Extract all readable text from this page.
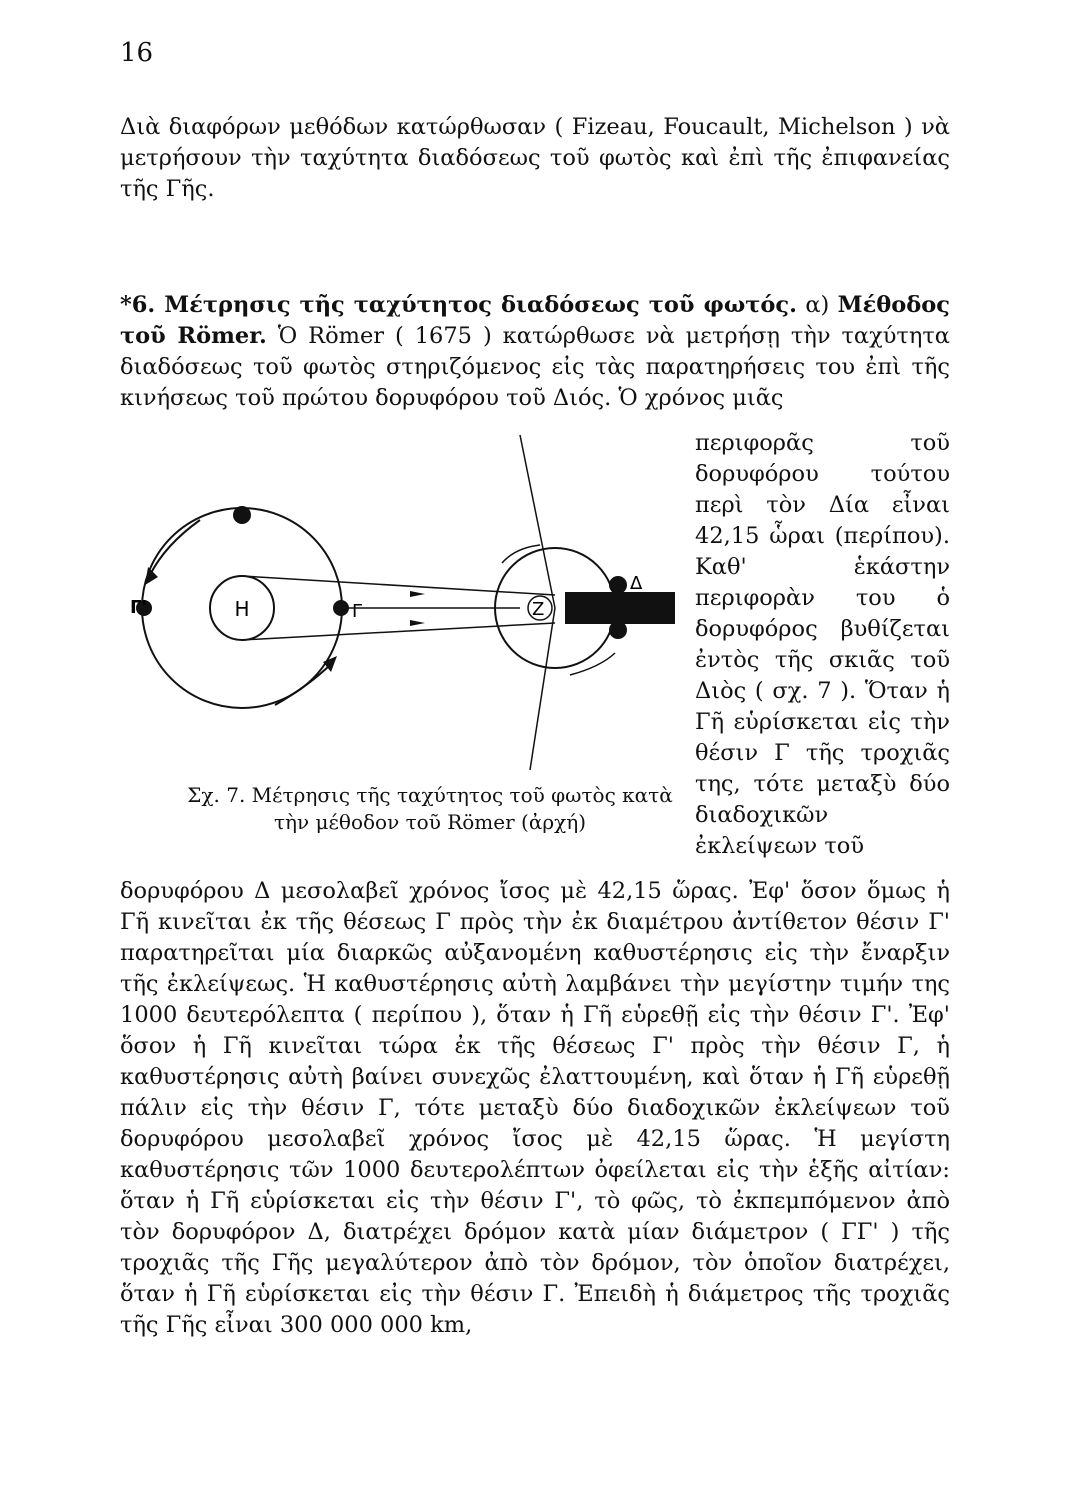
16

Διὰ διαφόρων μεθόδων κατώρθωσαν ( Fizeau, Foucault, Michelson ) νὰ μετρήσουν τὴν ταχύτητα διαδόσεως τοῦ φωτὸς καὶ ἐπὶ τῆς ἐπιφανείας τῆς Γῆς.

*6. Μέτρησις τῆς ταχύτητος διαδόσεως τοῦ φωτός. α) Μέθοδος τοῦ Römer. Ὁ Römer ( 1675 ) κατώρθωσε νὰ μετρήσῃ τὴν ταχύτητα διαδόσεως τοῦ φωτὸς στηριζόμενος εἰς τὰς παρατηρήσεις του ἐπὶ τῆς κινήσεως τοῦ πρώτου δορυφόρου τοῦ Διός. Ὁ χρόνος μιᾶς

περιφορᾶς τοῦ δορυφόρου τούτου περὶ τὸν Δία εἶναι 42,15 ὧραι (περίπου). Καθ' ἑκάστην περιφορὰν του ὁ δορυφόρος βυθίζεται ἐντὸς τῆς σκιᾶς τοῦ Διὸς ( σχ. 7 ). Ὅταν ἡ Γῆ εὑρίσκεται εἰς τὴν θέσιν Γ τῆς τροχιᾶς της, τότε μεταξὺ δύο διαδοχικῶν ἐκλείψεων τοῦ

Η
Γ'	Γ	Ζ
Δ

Σχ. 7. Μέτρησις τῆς ταχύτητος τοῦ φωτὸς κατὰ τὴν μέθοδον τοῦ Römer (ἀρχή)

δορυφόρου Δ μεσολαβεῖ χρόνος ἴσος μὲ 42,15 ὥρας. Ἐφ' ὅσον ὅμως ἡ Γῆ κινεῖται ἐκ τῆς θέσεως Γ πρὸς τὴν ἐκ διαμέτρου ἀντίθετον θέσιν Γ' παρατηρεῖται μία διαρκῶς αὐξανομένη καθυστέρησις εἰς τὴν ἔναρξιν τῆς ἐκλείψεως. Ἡ καθυστέρησις αὐτὴ λαμβάνει τὴν μεγίστην τιμήν της 1000 δευτερόλεπτα ( περίπου ), ὅταν ἡ Γῆ εὑρεθῇ εἰς τὴν θέσιν Γ'. Ἐφ' ὅσον ἡ Γῆ κινεῖται τώρα ἐκ τῆς θέσεως Γ' πρὸς τὴν θέσιν Γ, ἡ καθυστέρησις αὐτὴ βαίνει συνεχῶς ἐλαττουμένη, καὶ ὅταν ἡ Γῆ εὑρεθῇ πάλιν εἰς τὴν θέσιν Γ, τότε μεταξὺ δύο διαδοχικῶν ἐκλείψεων τοῦ δορυφόρου μεσολαβεῖ χρόνος ἴσος μὲ 42,15 ὥρας. Ἡ μεγίστη καθυστέρησις τῶν 1000 δευτερολέπτων ὀφείλεται εἰς τὴν ἑξῆς αἰτίαν: ὅταν ἡ Γῆ εὑρίσκεται εἰς τὴν θέσιν Γ', τὸ φῶς, τὸ ἐκπεμπόμενον ἀπὸ τὸν δορυφόρον Δ, διατρέχει δρόμον κατὰ μίαν διάμετρον ( ΓΓ' ) τῆς τροχιᾶς τῆς Γῆς μεγαλύτερον ἀπὸ τὸν δρόμον, τὸν ὁποῖον διατρέχει, ὅταν ἡ Γῆ εὑρίσκεται εἰς τὴν θέσιν Γ. Ἐπειδὴ ἡ διάμετρος τῆς τροχιᾶς τῆς Γῆς εἶναι 300 000 000 km,
